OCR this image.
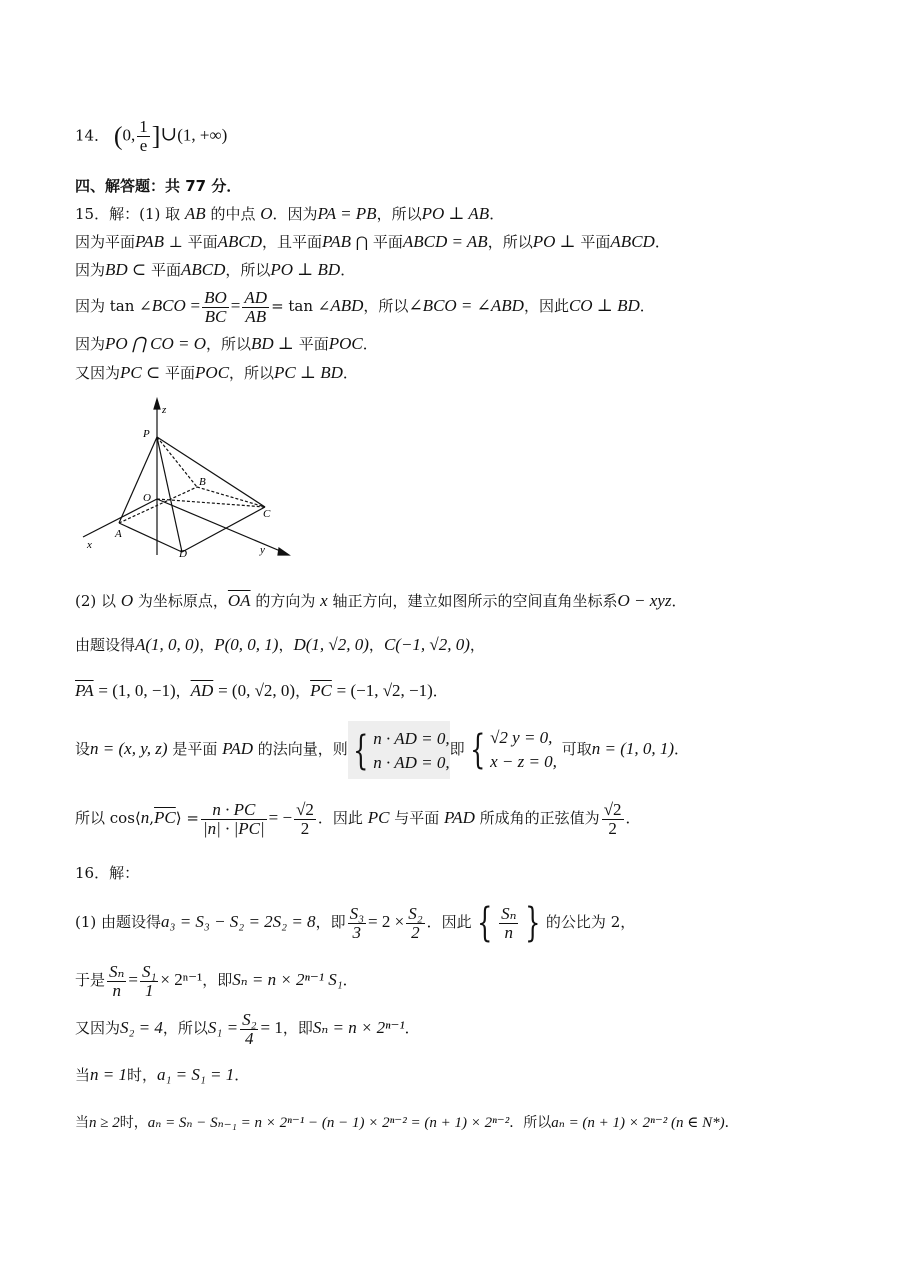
14． (0, $\frac{1}{e}$ ]∪(1, +∞)
四、解答题：共 77 分．
15．解：(1) 取 AB 的中点 O．因为PA = PB，所以PO ⊥ AB．
因为平面PAB ⊥ 平面ABCD，且平面PAB ⋂ 平面ABCD = AB，所以PO ⊥ 平面ABCD．
因为BD ⊂ 平面ABCD，所以PO ⊥ BD．
因为 tan ∠BCO = $\frac{BO}{BC} = \frac{AD}{AB} = \tan$ ∠ABD，所以∠BCO = ∠ABD，因此CO ⊥ BD．
因为PO ⋂ CO = O，所以BD ⊥ 平面POC．
又因为PC ⊂ 平面POC，所以PC ⊥ BD．
z
P
B
O
C
A
x
D	y
(2) 以 O 为坐标原点，$\overline{OA}$ 的方向为 x 轴正方向，建立如图所示的空间直角坐标系O − xyz．
由题设得A(1, 0, 0)，P(0, 0, 1)，D(1, √2, 0)，C(−1, √2, 0)，
$\overline{PA} = (1$, 0, −1)，$\overline{AD} = (0$, √2, 0)，$\overline{PC} = (-1$, √2, −1)．
设n = (x, y, z) 是平面 PAD 的法向量，则 { n · AD = 0,
n · AD = 0,
即 { √2 y = 0,
x − z = 0,
可取n = (1, 0, 1)．
所以 $\cos⟨n,\overline{PC}⟩ = \frac{n \cdot PC}{|n| \cdot |PC|}$ = − $\frac{√2}{2}$ ．因此 PC 与平面 PAD 所成角的正弦值为 $\frac{√2}{2}$ ．
16．解：
(1) 由题设得a₃ = S₃ − S₂ = 2S₂ = 8，即 $\frac{\text{S₃}}{3} = 2 \times \frac{\text{S₂}}{2}$ ．因此 { $\frac{\text{Sₙ}}{n}$ } 的公比为 2，
于是 $\frac{\text{Sₙ}}{n} = \frac{\text{S₁}}{1} \times 2^{n-1}$，即Sₙ = n × 2ⁿ⁻¹ S₁．
又因为S₂ = 4，所以$S_1 = \frac{\text{S₂}}{4} = 1$，即Sₙ = n × 2ⁿ⁻¹．
当n = 1时，a₁ = S₁ = 1．
当n ≥ 2时，aₙ = Sₙ − Sₙ₋₁ = n × 2ⁿ⁻¹ − (n − 1) × 2ⁿ⁻² = (n + 1) × 2ⁿ⁻²．所以aₙ = (n + 1) × 2ⁿ⁻² (n ∈ N*)．
